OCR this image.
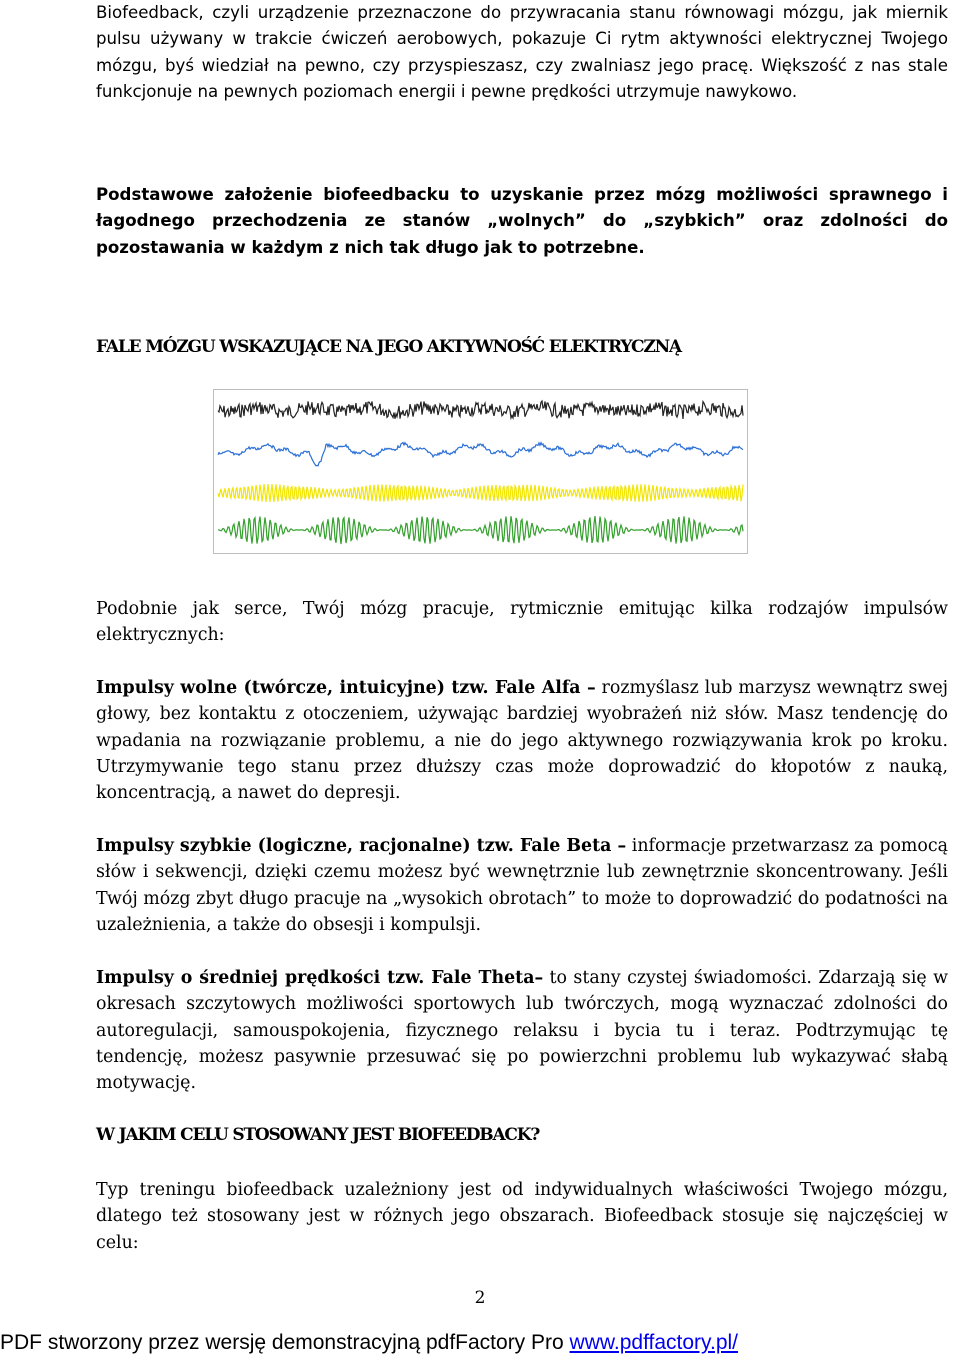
Biofeedback, czyli urządzenie przeznaczone do przywracania stanu równowagi mózgu, jak miernik pulsu używany w trakcie ćwiczeń aerobowych, pokazuje Ci rytm aktywności elektrycznej Twojego mózgu, byś wiedział na pewno, czy przyspieszasz, czy zwalniasz jego pracę. Większość z nas stale funkcjonuje na pewnych poziomach energii i pewne prędkości utrzymuje nawykowo.

Podstawowe założenie biofeedbacku to uzyskanie przez mózg możliwości sprawnego i łagodnego przechodzenia ze stanów „wolnych” do „szybkich” oraz zdolności do pozostawania w każdym z nich tak długo jak to potrzebne.

FALE MÓZGU WSKAZUJĄCE NA JEGO AKTYWNOŚĆ ELEKTRYCZNĄ

Podobnie jak serce, Twój mózg pracuje, rytmicznie emitując kilka rodzajów impulsów elektrycznych:

Impulsy wolne (twórcze, intuicyjne) tzw. Fale Alfa – rozmyślasz lub marzysz wewnątrz swej głowy, bez kontaktu z otoczeniem, używając bardziej wyobrażeń niż słów. Masz tendencję do wpadania na rozwiązanie problemu, a nie do jego aktywnego rozwiązywania krok po kroku. Utrzymywanie tego stanu przez dłuższy czas może doprowadzić do kłopotów z nauką, koncentracją, a nawet do depresji.

Impulsy szybkie (logiczne, racjonalne) tzw. Fale Beta – informacje przetwarzasz za pomocą słów i sekwencji, dzięki czemu możesz być wewnętrznie lub zewnętrznie skoncentrowany. Jeśli Twój mózg zbyt długo pracuje na „wysokich obrotach” to może to doprowadzić do podatności na uzależnienia, a także do obsesji i kompulsji.

Impulsy o średniej prędkości tzw. Fale Theta– to stany czystej świadomości. Zdarzają się w okresach szczytowych możliwości sportowych lub twórczych, mogą wyznaczać zdolności do autoregulacji, samouspokojenia, fizycznego relaksu i bycia tu i teraz. Podtrzymując tę tendencję, możesz pasywnie przesuwać się po powierzchni problemu lub wykazywać słabą motywację.

W JAKIM CELU STOSOWANY JEST BIOFEEDBACK?

Typ treningu biofeedback uzależniony jest od indywidualnych właściwości Twojego mózgu, dlatego też stosowany jest w różnych jego obszarach. Biofeedback stosuje się najczęściej w celu:

2
PDF stworzony przez wersję demonstracyjną pdfFactory Pro www.pdffactory.pl/
